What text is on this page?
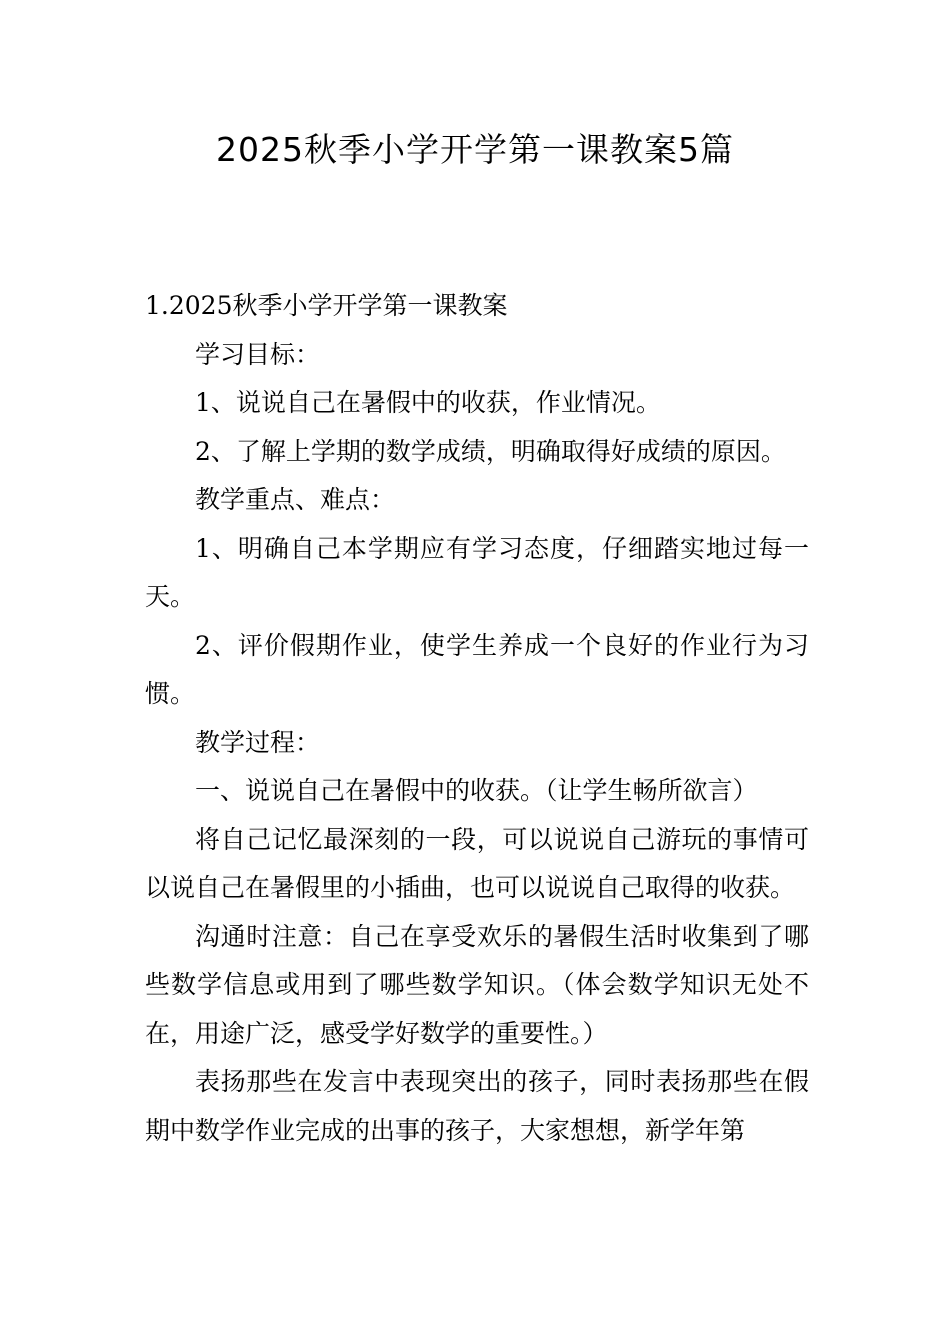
2025秋季小学开学第一课教案5篇
1.2025秋季小学开学第一课教案

学习目标：

1、说说自己在暑假中的收获，作业情况。

2、了解上学期的数学成绩，明确取得好成绩的原因。

教学重点、难点：

1、明确自己本学期应有学习态度，仔细踏实地过每一天。

2、评价假期作业，使学生养成一个良好的作业行为习惯。

教学过程：

一、说说自己在暑假中的收获。（让学生畅所欲言）

将自己记忆最深刻的一段，可以说说自己游玩的事情可以说自己在暑假里的小插曲，也可以说说自己取得的收获。

沟通时注意：自己在享受欢乐的暑假生活时收集到了哪些数学信息或用到了哪些数学知识。（体会数学知识无处不在，用途广泛，感受学好数学的重要性。）

表扬那些在发言中表现突出的孩子，同时表扬那些在假期中数学作业完成的出事的孩子，大家想想，新学年第
